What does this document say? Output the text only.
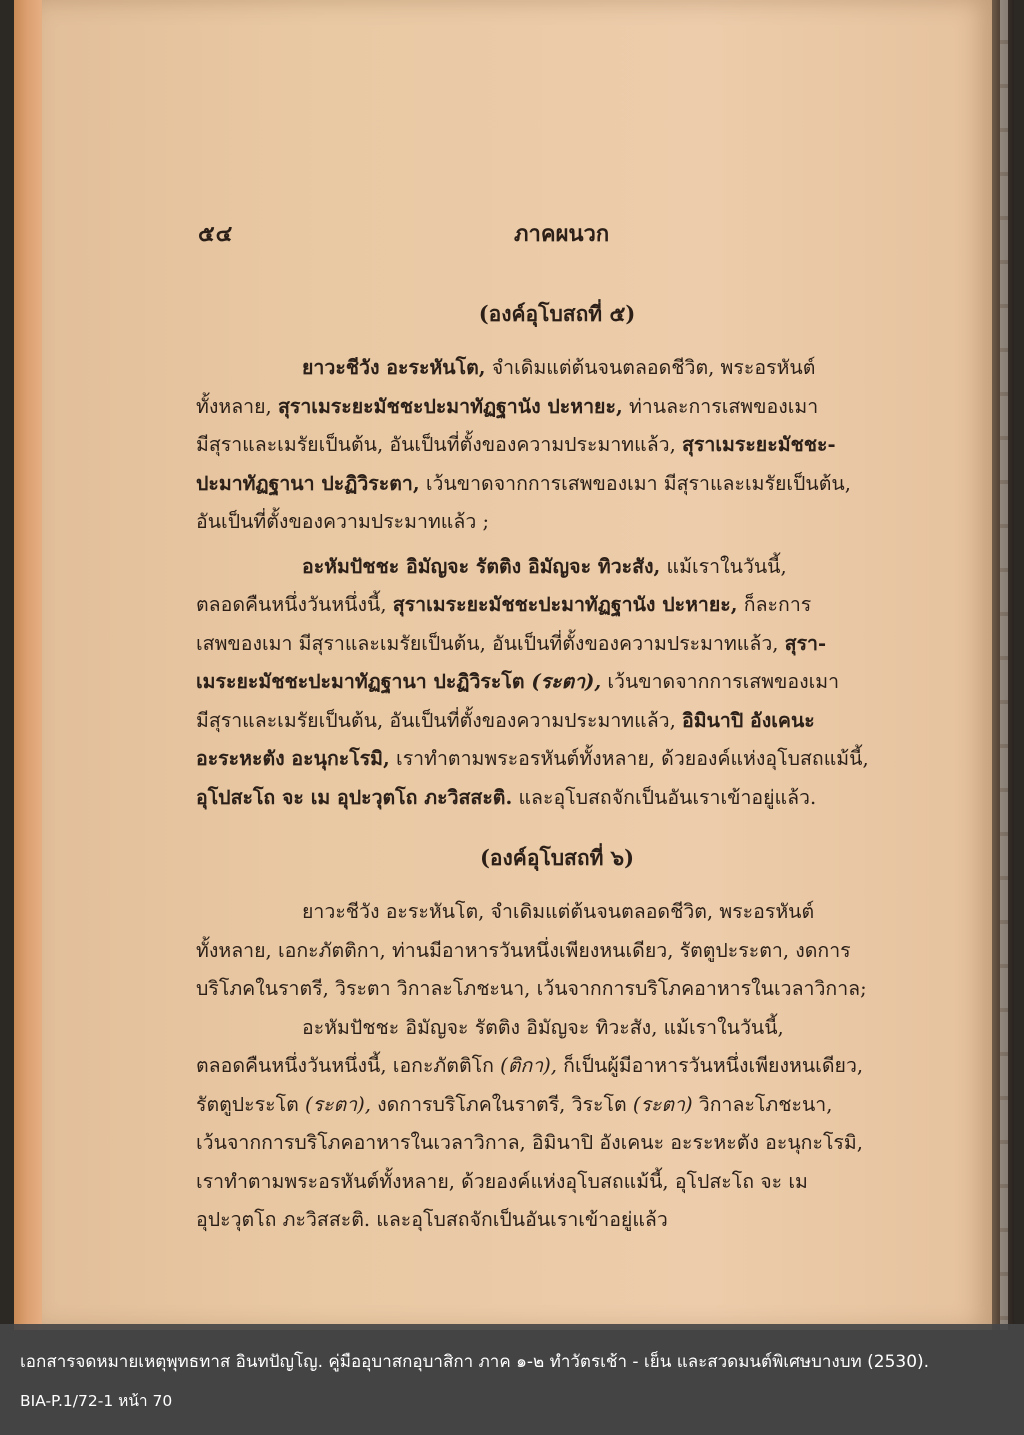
๕๔	ภาคผนวก
(องค์อุโบสถที่ ๕)
ยาวะชีวัง อะระหันโต, จำเดิมแต่ต้นจนตลอดชีวิต, พระอรหันต์
ทั้งหลาย, สุราเมระยะมัชชะปะมาทัฏฐานัง ปะหายะ, ท่านละการเสพของเมา
มีสุราและเมรัยเป็นต้น, อันเป็นที่ตั้งของความประมาทแล้ว, สุราเมระยะมัชชะ-
ปะมาทัฏฐานา ปะฏิวิระตา, เว้นขาดจากการเสพของเมา มีสุราและเมรัยเป็นต้น,
อันเป็นที่ตั้งของความประมาทแล้ว ;
อะหัมปัชชะ อิมัญจะ รัตติง อิมัญจะ ทิวะสัง, แม้เราในวันนี้,
ตลอดคืนหนึ่งวันหนึ่งนี้, สุราเมระยะมัชชะปะมาทัฏฐานัง ปะหายะ, ก็ละการ
เสพของเมา มีสุราและเมรัยเป็นต้น, อันเป็นที่ตั้งของความประมาทแล้ว, สุรา-
เมระยะมัชชะปะมาทัฏฐานา ปะฏิวิระโต (ระตา), เว้นขาดจากการเสพของเมา
มีสุราและเมรัยเป็นต้น, อันเป็นที่ตั้งของความประมาทแล้ว, อิมินาปิ อังเคนะ
อะระหะตัง อะนุกะโรมิ, เราทำตามพระอรหันต์ทั้งหลาย, ด้วยองค์แห่งอุโบสถแม้นี้,
อุโปสะโถ จะ เม อุปะวุตโถ ภะวิสสะติ. และอุโบสถจักเป็นอันเราเข้าอยู่แล้ว.
(องค์อุโบสถที่ ๖)
ยาวะชีวัง อะระหันโต, จำเดิมแต่ต้นจนตลอดชีวิต, พระอรหันต์
ทั้งหลาย, เอกะภัตติกา, ท่านมีอาหารวันหนึ่งเพียงหนเดียว, รัตตูปะระตา, งดการ
บริโภคในราตรี, วิระตา วิกาละโภชะนา, เว้นจากการบริโภคอาหารในเวลาวิกาล;
อะหัมปัชชะ อิมัญจะ รัตติง อิมัญจะ ทิวะสัง, แม้เราในวันนี้,
ตลอดคืนหนึ่งวันหนึ่งนี้, เอกะภัตติโก (ติกา), ก็เป็นผู้มีอาหารวันหนึ่งเพียงหนเดียว,
รัตตูปะระโต (ระตา), งดการบริโภคในราตรี, วิระโต (ระตา) วิกาละโภชะนา,
เว้นจากการบริโภคอาหารในเวลาวิกาล, อิมินาปิ อังเคนะ อะระหะตัง อะนุกะโรมิ,
เราทำตามพระอรหันต์ทั้งหลาย, ด้วยองค์แห่งอุโบสถแม้นี้, อุโปสะโถ จะ เม
อุปะวุตโถ ภะวิสสะติ. และอุโบสถจักเป็นอันเราเข้าอยู่แล้ว
เอกสารจดหมายเหตุพุทธทาส อินทปัญโญ. คู่มืออุบาสกอุบาสิกา ภาค ๑-๒ ทำวัตรเช้า - เย็น และสวดมนต์พิเศษบางบท (2530).
BIA-P.1/72-1 หน้า 70
